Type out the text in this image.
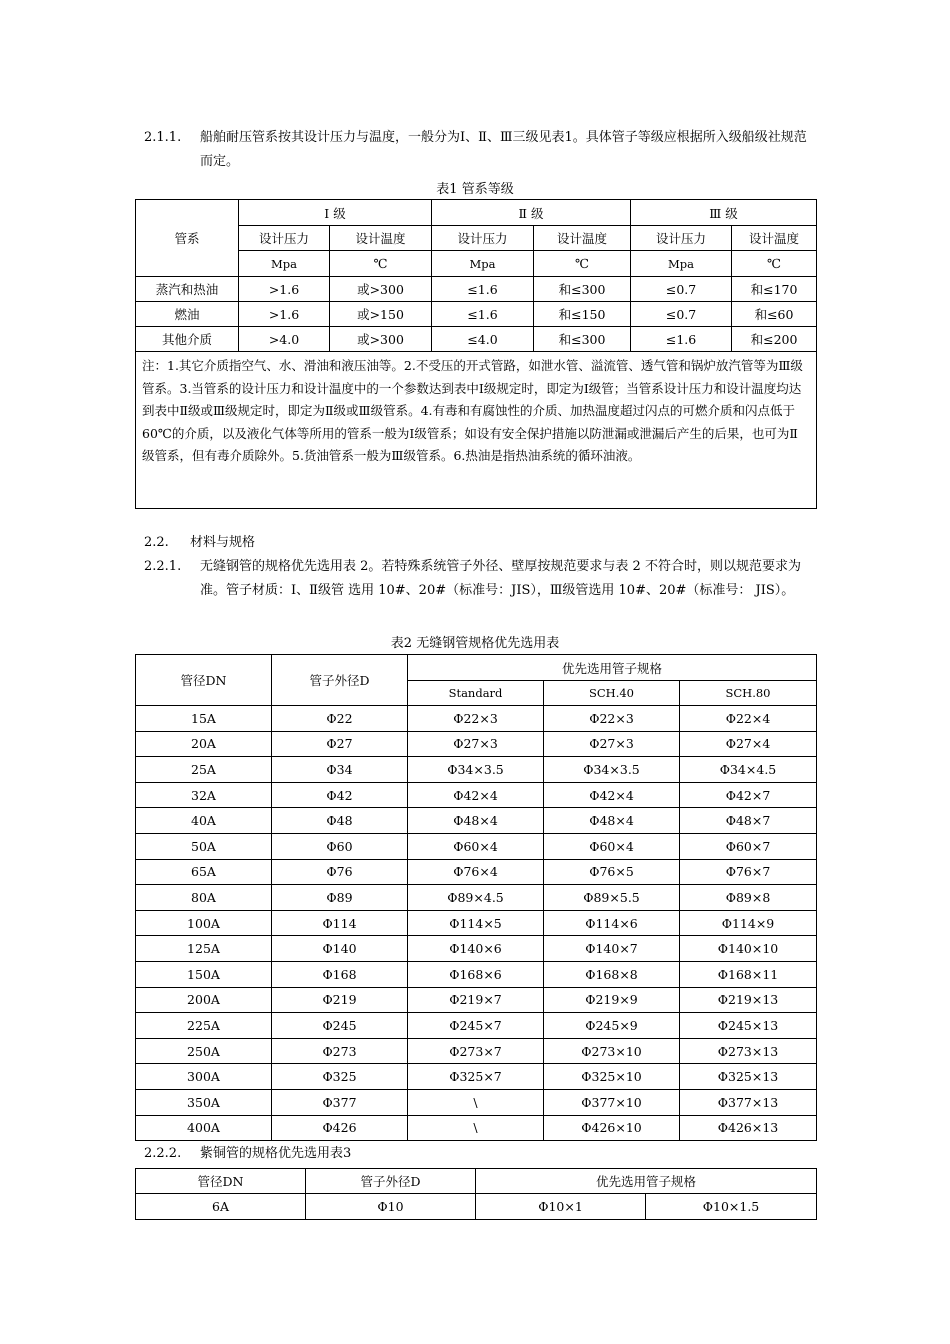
2.1.1. 船舶耐压管系按其设计压力与温度，一般分为Ⅰ、Ⅱ、Ⅲ三级见表1。具体管子等级应根据所入级船级社规范而定。
表1 管系等级
管系	Ⅰ 级		Ⅱ 级		Ⅲ 级	
	设计压力	设计温度	设计压力	设计温度	设计压力	设计温度
	Mpa	℃	Mpa	℃	Mpa	℃
蒸汽和热油	>1.6	或>300	≤1.6	和≤300	≤0.7	和≤170
燃油	>1.6	或>150	≤1.6	和≤150	≤0.7	和≤60
其他介质	>4.0	或>300	≤4.0	和≤300	≤1.6	和≤200
注：1.其它介质指空气、水、滑油和液压油等。2.不受压的开式管路，如泄水管、溢流管、透气管和锅炉放汽管等为Ⅲ级管系。3.当管系的设计压力和设计温度中的一个参数达到表中Ⅰ级规定时，即定为Ⅰ级管；当管系设计压力和设计温度均达到表中Ⅱ级或Ⅲ级规定时，即定为Ⅱ级或Ⅲ级管系。4.有毒和有腐蚀性的介质、加热温度超过闪点的可燃介质和闪点低于 60℃的介质，以及液化气体等所用的管系一般为Ⅰ级管系；如设有安全保护措施以防泄漏或泄漏后产生的后果，也可为Ⅱ级管系，但有毒介质除外。5.货油管系一般为Ⅲ级管系。6.热油是指热油系统的循环油液。						
2.2. 材料与规格
2.2.1. 无缝钢管的规格优先选用表 2。若特殊系统管子外径、壁厚按规范要求与表 2 不符合时，则以规范要求为准。管子材质：Ⅰ、Ⅱ级管 选用 10#、20#（标准号：JIS），Ⅲ级管选用 10#、20#（标准号： JIS）。
表2 无缝钢管规格优先选用表
管径DN	管子外径D	优先选用管子规格		
		Standard	SCH.40	SCH.80
15A	Φ22	Φ22×3	Φ22×3	Φ22×4
20A	Φ27	Φ27×3	Φ27×3	Φ27×4
25A	Φ34	Φ34×3.5	Φ34×3.5	Φ34×4.5
32A	Φ42	Φ42×4	Φ42×4	Φ42×7
40A	Φ48	Φ48×4	Φ48×4	Φ48×7
50A	Φ60	Φ60×4	Φ60×4	Φ60×7
65A	Φ76	Φ76×4	Φ76×5	Φ76×7
80A	Φ89	Φ89×4.5	Φ89×5.5	Φ89×8
100A	Φ114	Φ114×5	Φ114×6	Φ114×9
125A	Φ140	Φ140×6	Φ140×7	Φ140×10
150A	Φ168	Φ168×6	Φ168×8	Φ168×11
200A	Φ219	Φ219×7	Φ219×9	Φ219×13
225A	Φ245	Φ245×7	Φ245×9	Φ245×13
250A	Φ273	Φ273×7	Φ273×10	Φ273×13
300A	Φ325	Φ325×7	Φ325×10	Φ325×13
350A	Φ377	\	Φ377×10	Φ377×13
400A	Φ426	\	Φ426×10	Φ426×13
2.2.2. 紫铜管的规格优先选用表3
管径DN	管子外径D	优先选用管子规格	
6A	Φ10	Φ10×1	Φ10×1.5
